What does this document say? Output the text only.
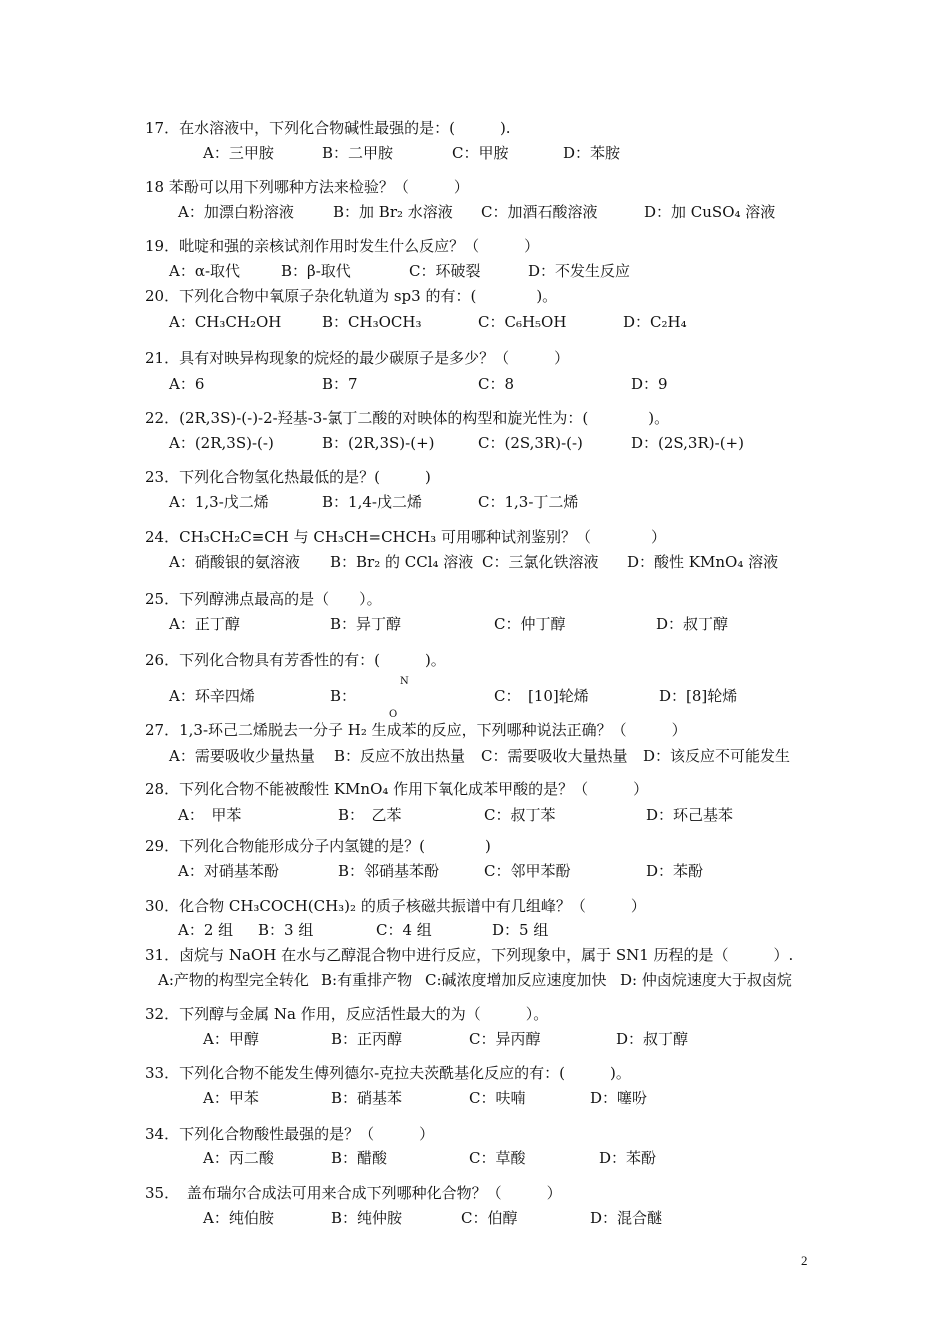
17．在水溶液中，下列化合物碱性最强的是：(　　　).
A：三甲胺	B：二甲胺	C：甲胺	D：苯胺
18 苯酚可以用下列哪种方法来检验？（　　　）
A：加漂白粉溶液	B：加 Br₂ 水溶液 C：加酒石酸溶液	D：加 CuSO₄ 溶液
19．吡啶和强的亲核试剂作用时发生什么反应？（　　　）
A：α-取代	B：β-取代	C：环破裂	D：不发生反应
20．下列化合物中氧原子杂化轨道为 sp3 的有：(　　　　)。
A：CH₃CH₂OH	B：CH₃OCH₃	C：C₆H₅OH	D：C₂H₄
21．具有对映异构现象的烷烃的最少碳原子是多少？（　　　）
A：6	B：7	C：8	D：9
22．(2R,3S)-(-)-2-羟基-3-氯丁二酸的对映体的构型和旋光性为：(　　　　)。
A：(2R,3S)-(-)	B：(2R,3S)-(+)	C：(2S,3R)-(-)	D：(2S,3R)-(+)
23．下列化合物氢化热最低的是？(　　　)
A：1,3-戊二烯	B：1,4-戊二烯	C：1,3-丁二烯
24．CH₃CH₂C≡CH 与 CH₃CH=CHCH₃ 可用哪种试剂鉴别？（　　　　）
A：硝酸银的氨溶液 B：Br₂ 的 CCl₄ 溶液 C：三氯化铁溶液 D：酸性 KMnO₄ 溶液
25．下列醇沸点最高的是（　　）。
A：正丁醇	B：异丁醇	C：仲丁醇	D：叔丁醇
26．下列化合物具有芳香性的有：(　　　)。
N
A：环辛四烯	B：	C：　[10]轮烯	D：[8]轮烯
O
27．1,3-环己二烯脱去一分子 H₂ 生成苯的反应，下列哪种说法正确？（　　　）
A：需要吸收少量热量 B：反应不放出热量 C：需要吸收大量热量 D：该反应不可能发生
28．下列化合物不能被酸性 KMnO₄ 作用下氧化成苯甲酸的是？（　　　）
A：　甲苯	B：　乙苯	C：叔丁苯	D：环己基苯
29．下列化合物能形成分子内氢键的是？(　　　　)
A：对硝基苯酚	B：邻硝基苯酚	C：邻甲苯酚	D：苯酚
30．化合物 CH₃COCH(CH₃)₂ 的质子核磁共振谱中有几组峰？（　　　）
A：2 组 B：3 组	C：4 组	D：5 组
31．卤烷与 NaOH 在水与乙醇混合物中进行反应，下列现象中，属于 SN1 历程的是（　　　）.
A:产物的构型完全转化 B:有重排产物 C:碱浓度增加反应速度加快 D: 仲卤烷速度大于叔卤烷
32．下列醇与金属 Na 作用，反应活性最大的为（　　　）。
A：甲醇	B：正丙醇	C：异丙醇	D：叔丁醇
33．下列化合物不能发生傅列德尔-克拉夫茨酰基化反应的有：(　　　)。
A：甲苯	B：硝基苯	C：呋喃	D：噻吩
34．下列化合物酸性最强的是？（　　　）
A：丙二酸	B：醋酸	C：草酸	D：苯酚
35．　盖布瑞尔合成法可用来合成下列哪种化合物？（　　　）
A：纯伯胺	B：纯仲胺	C：伯醇	D：混合醚
2
